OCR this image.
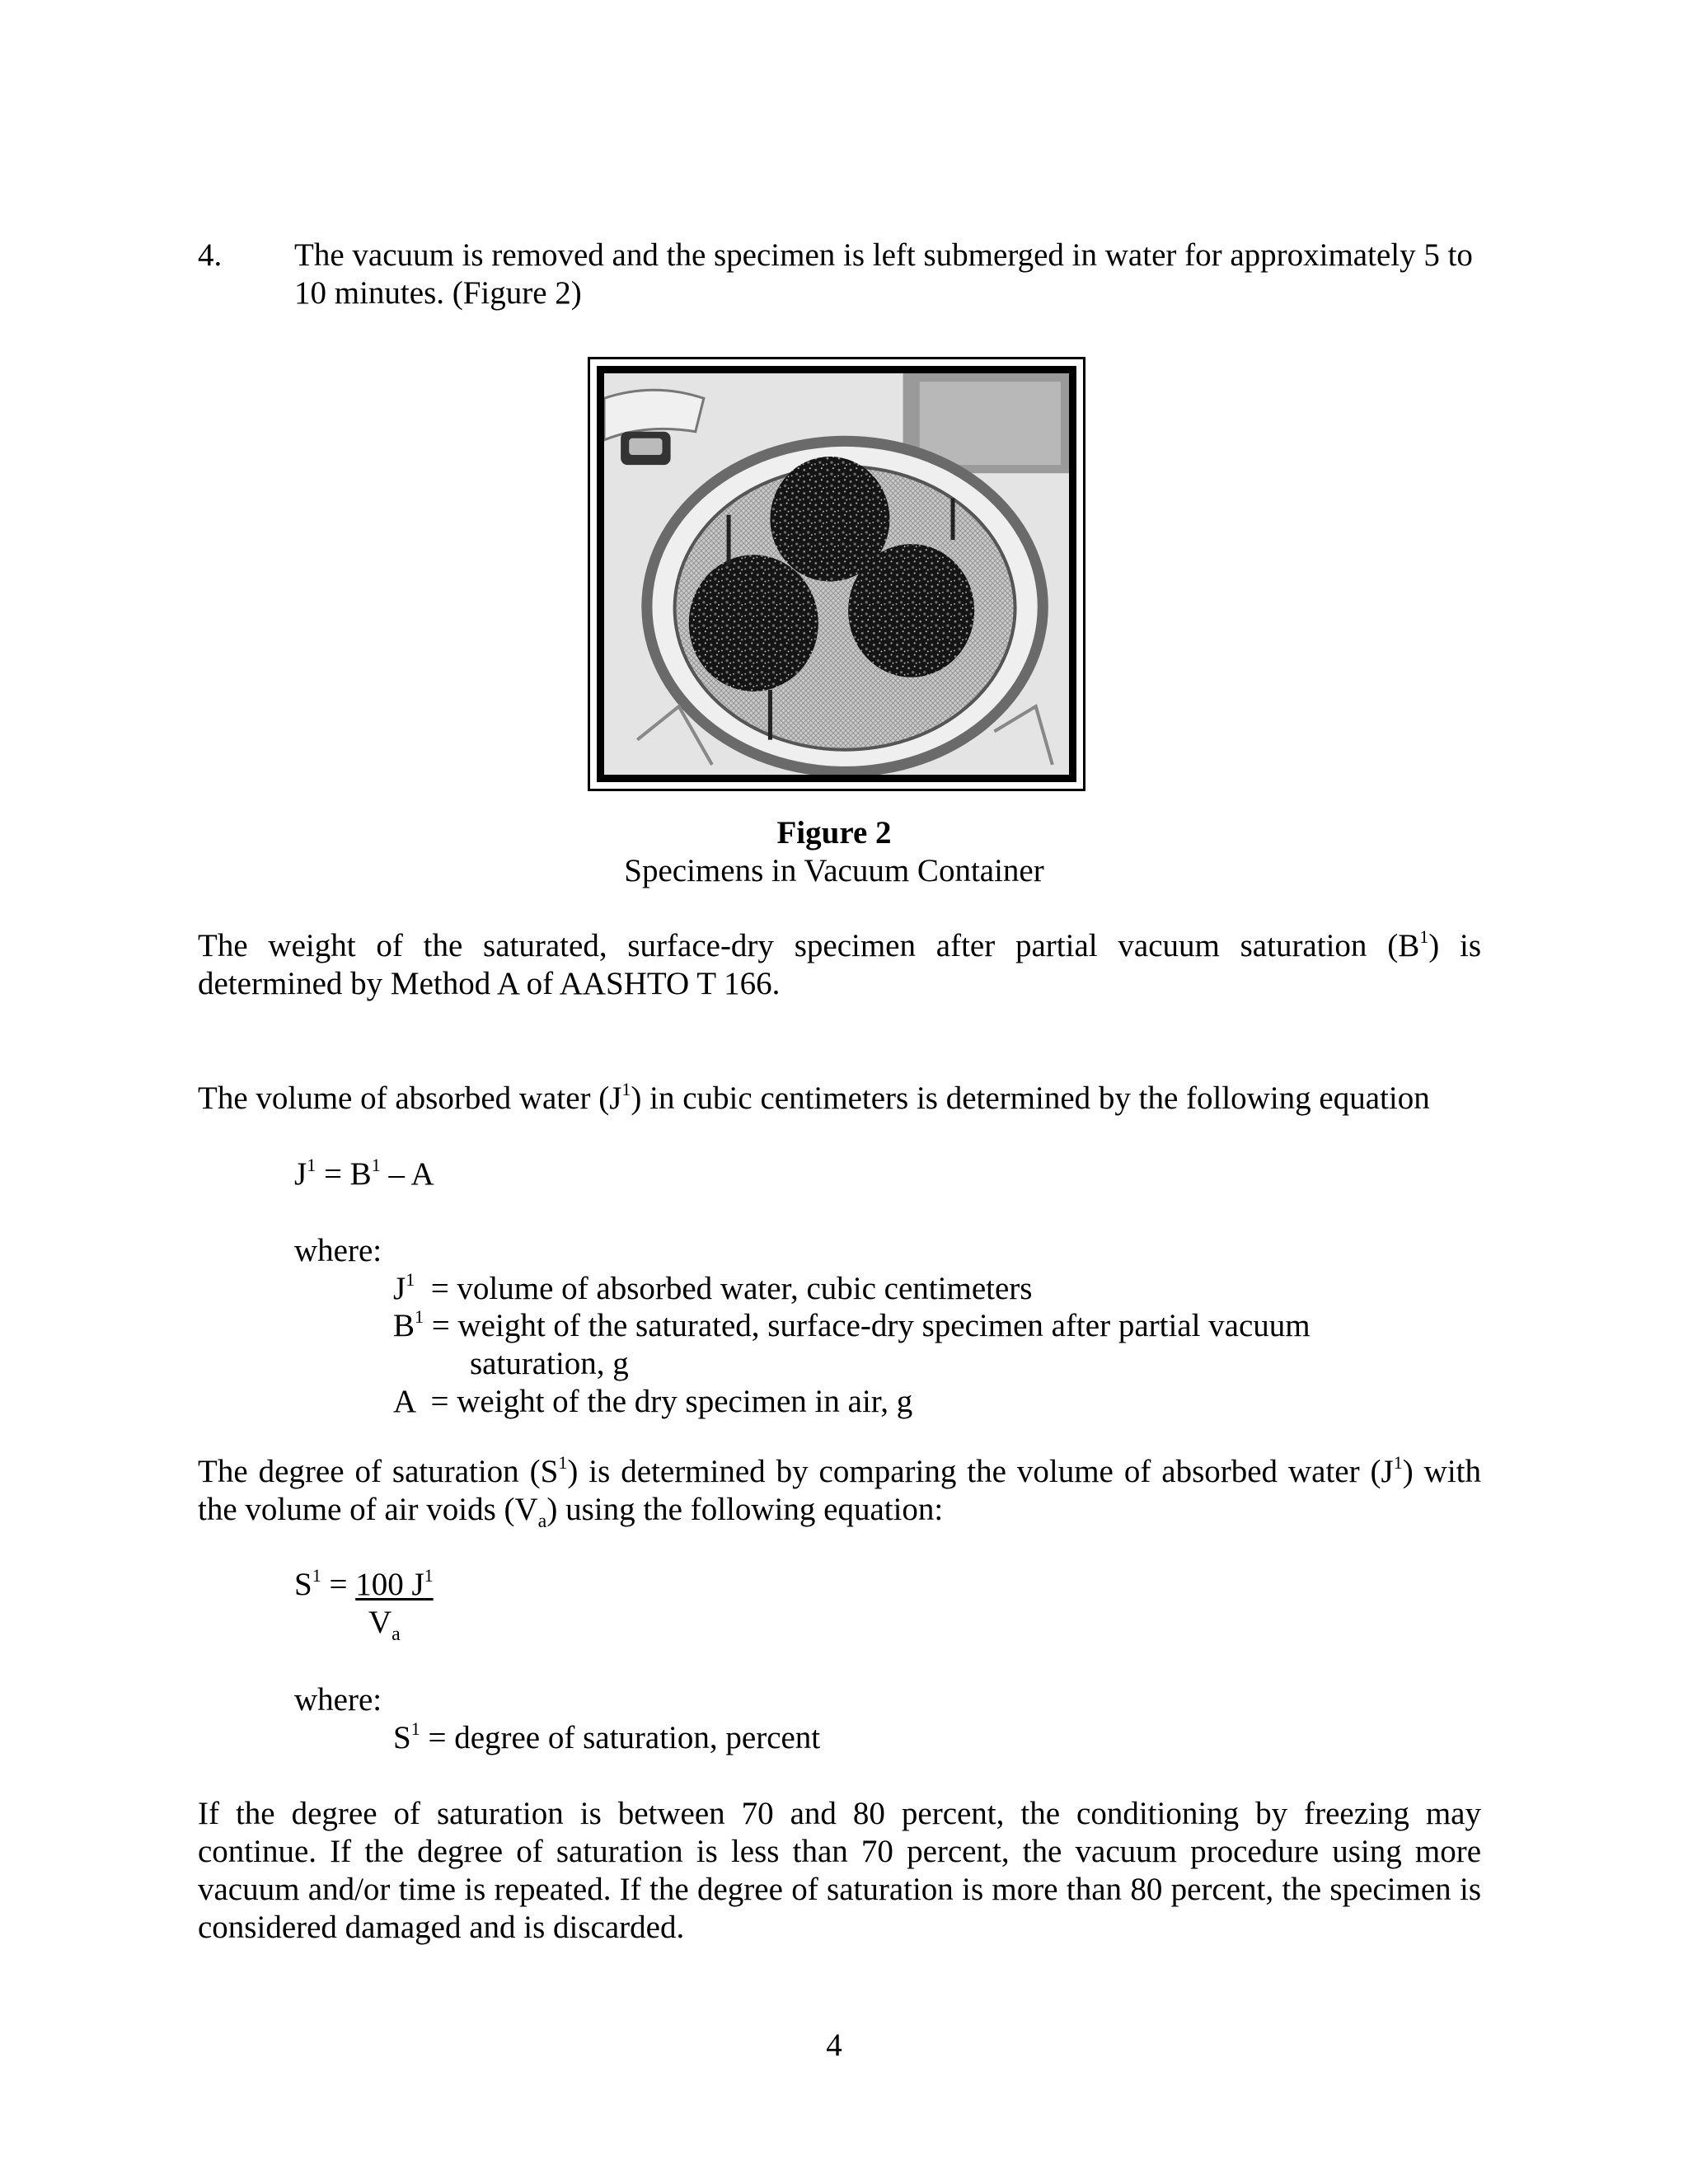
4. The vacuum is removed and the specimen is left submerged in water for approximately 5 to 10 minutes. (Figure 2)
Figure 2
Specimens in Vacuum Container
The weight of the saturated, surface-dry specimen after partial vacuum saturation $(B^1)$ is determined by Method A of AASHTO T 166.
The volume of absorbed water $(J^1)$ in cubic centimeters is determined by the following equation
$J^1 = B^1 - A$
where:
$J^1$  = volume of absorbed water, cubic centimeters
$B^1$ = weight of the saturated, surface-dry specimen after partial vacuum
saturation, g
A  = weight of the dry specimen in air, g
The degree of saturation $(S^1)$ is determined by comparing the volume of absorbed water $(J^1)$ with the volume of air voids $(V_a)$ using the following equation:
$S^1 = 100$ $J^1$
$V_a$
where:
$S^1$ = degree of saturation, percent
If the degree of saturation is between 70 and 80 percent, the conditioning by freezing may continue. If the degree of saturation is less than 70 percent, the vacuum procedure using more vacuum and/or time is repeated. If the degree of saturation is more than 80 percent, the specimen is considered damaged and is discarded.
4
